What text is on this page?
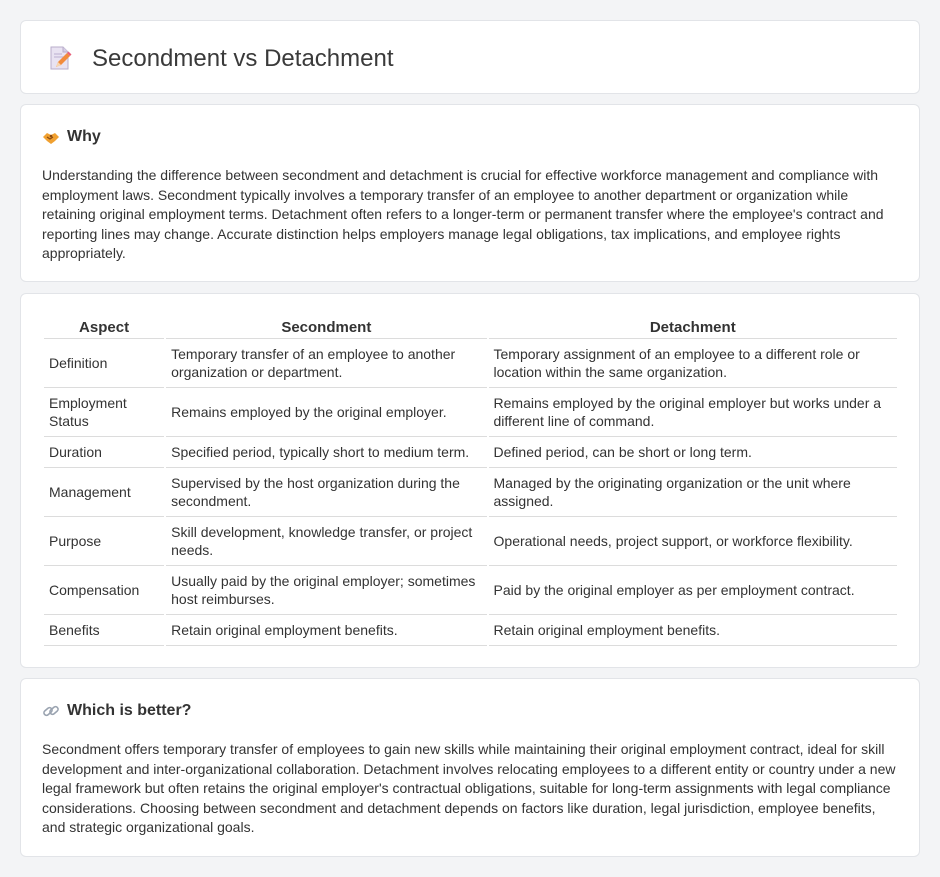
Secondment vs Detachment
Why

Understanding the difference between secondment and detachment is crucial for effective workforce management and compliance with employment laws. Secondment typically involves a temporary transfer of an employee to another department or organization while retaining original employment terms. Detachment often refers to a longer-term or permanent transfer where the employee's contract and reporting lines may change. Accurate distinction helps employers manage legal obligations, tax implications, and employee rights appropriately.

Aspect	Secondment	Detachment
Definition	Temporary transfer of an employee to another organization or department.	Temporary assignment of an employee to a different role or location within the same organization.
Employment Status	Remains employed by the original employer.	Remains employed by the original employer but works under a different line of command.
Duration	Specified period, typically short to medium term.	Defined period, can be short or long term.
Management	Supervised by the host organization during the secondment.	Managed by the originating organization or the unit where assigned.
Purpose	Skill development, knowledge transfer, or project needs.	Operational needs, project support, or workforce flexibility.
Compensation	Usually paid by the original employer; sometimes host reimburses.	Paid by the original employer as per employment contract.
Benefits	Retain original employment benefits.	Retain original employment benefits.
Which is better?

Secondment offers temporary transfer of employees to gain new skills while maintaining their original employment contract, ideal for skill development and inter-organizational collaboration. Detachment involves relocating employees to a different entity or country under a new legal framework but often retains the original employer's contractual obligations, suitable for long-term assignments with legal compliance considerations. Choosing between secondment and detachment depends on factors like duration, legal jurisdiction, employee benefits, and strategic organizational goals.
